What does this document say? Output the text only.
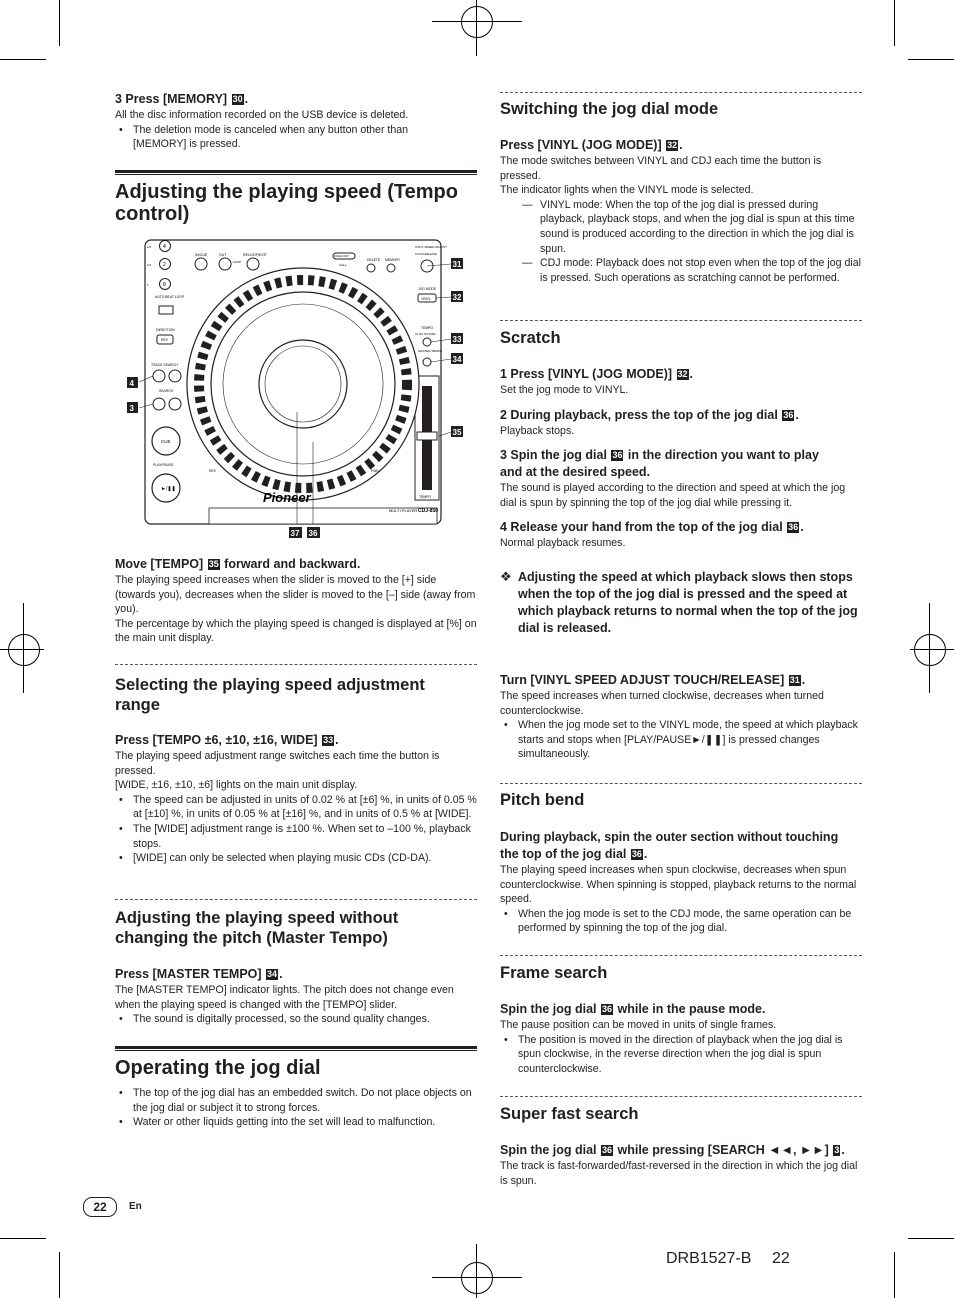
3 Press [MEMORY] 30 .
All the disc information recorded on the USB device is deleted.
• The deletion mode is canceled when any button other than
[MEMORY] is pressed.
Adjusting the playing speed (Tempo
control)
MULTI PLAYER CDJ-850
4
2
8
1/4
1/2
1
AUTO BEAT LOOP
DIRECTION
REV
TRACK SEARCH
SEARCH
CUE
PLAY/PAUSE
►/❚❚
IN/CUE	OUT	RELOOP/EXIT
LOOP
CUE/LOOP
CALL
DELETE MEMORY
VINYL SPEED ADJUST
TOUCH/RELEASE
JOG MODE
VINYL
TEMPO
±6 ±10 ±16 WIDE
MASTER TEMPO
TEMPO
REV	FWD
Pioneer
31
32
33
34
35
4
3
37 36
Move [TEMPO] 35 forward and backward.
The playing speed increases when the slider is moved to the [+] side (towards you), decreases when the slider is moved to the [–] side (away from you).
The percentage by which the playing speed is changed is displayed at [%] on the main unit display.
Selecting the playing speed adjustment
range
Press [TEMPO ±6, ±10, ±16, WIDE] 33 .
The playing speed adjustment range switches each time the button is pressed.
[WIDE, ±16, ±10, ±6] lights on the main unit display.
• The speed can be adjusted in units of 0.02 % at [±6] %, in units of 0.05 % at [±10] %, in units of 0.05 % at [±16] %, and in units of 0.5 % at [WIDE].
• The [WIDE] adjustment range is ±100 %. When set to –100 %, playback stops.
• [WIDE] can only be selected when playing music CDs (CD-DA).
Adjusting the playing speed without
changing the pitch (Master Tempo)
Press [MASTER TEMPO] 34 .
The [MASTER TEMPO] indicator lights. The pitch does not change even when the playing speed is changed with the [TEMPO] slider.
• The sound is digitally processed, so the sound quality changes.
Operating the jog dial
• The top of the jog dial has an embedded switch. Do not place objects on the jog dial or subject it to strong forces.
• Water or other liquids getting into the set will lead to malfunction.
Switching the jog dial mode
Press [VINYL (JOG MODE)] 32 .
The mode switches between VINYL and CDJ each time the button is pressed.
The indicator lights when the VINYL mode is selected.
— VINYL mode: When the top of the jog dial is pressed during playback, playback stops, and when the jog dial is spun at this time sound is produced according to the direction in which the jog dial is spun.
— CDJ mode: Playback does not stop even when the top of the jog dial is pressed. Such operations as scratching cannot be performed.
Scratch
1 Press [VINYL (JOG MODE)] 32 .
Set the jog mode to VINYL.
2 During playback, press the top of the jog dial 36 .
Playback stops.
3 Spin the jog dial 36 in the direction you want to play
and at the desired speed.
The sound is played according to the direction and speed at which the jog dial is spun by spinning the top of the jog dial while pressing it.
4 Release your hand from the top of the jog dial 36 .
Normal playback resumes.
❖ Adjusting the speed at which playback slows then stops when the top of the jog dial is pressed and the speed at which playback returns to normal when the top of the jog dial is released.
Turn [VINYL SPEED ADJUST TOUCH/RELEASE] 31 .
The speed increases when turned clockwise, decreases when turned counterclockwise.
• When the jog mode set to the VINYL mode, the speed at which playback starts and stops when [PLAY/PAUSE►/❚❚] is pressed changes simultaneously.
Pitch bend
During playback, spin the outer section without touching
the top of the jog dial 36 .
The playing speed increases when spun clockwise, decreases when spun counterclockwise. When spinning is stopped, playback returns to the normal speed.
• When the jog mode is set to the CDJ mode, the same operation can be performed by spinning the top of the jog dial.
Frame search
Spin the jog dial 36 while in the pause mode.
The pause position can be moved in units of single frames.
• The position is moved in the direction of playback when the jog dial is spun clockwise, in the reverse direction when the jog dial is spun counterclockwise.
Super fast search
Spin the jog dial 36 while pressing [SEARCH ◄◄, ►►] 3 .
The track is fast-forwarded/fast-reversed in the direction in which the jog dial is spun.
22	En
DRB1527-B 22
